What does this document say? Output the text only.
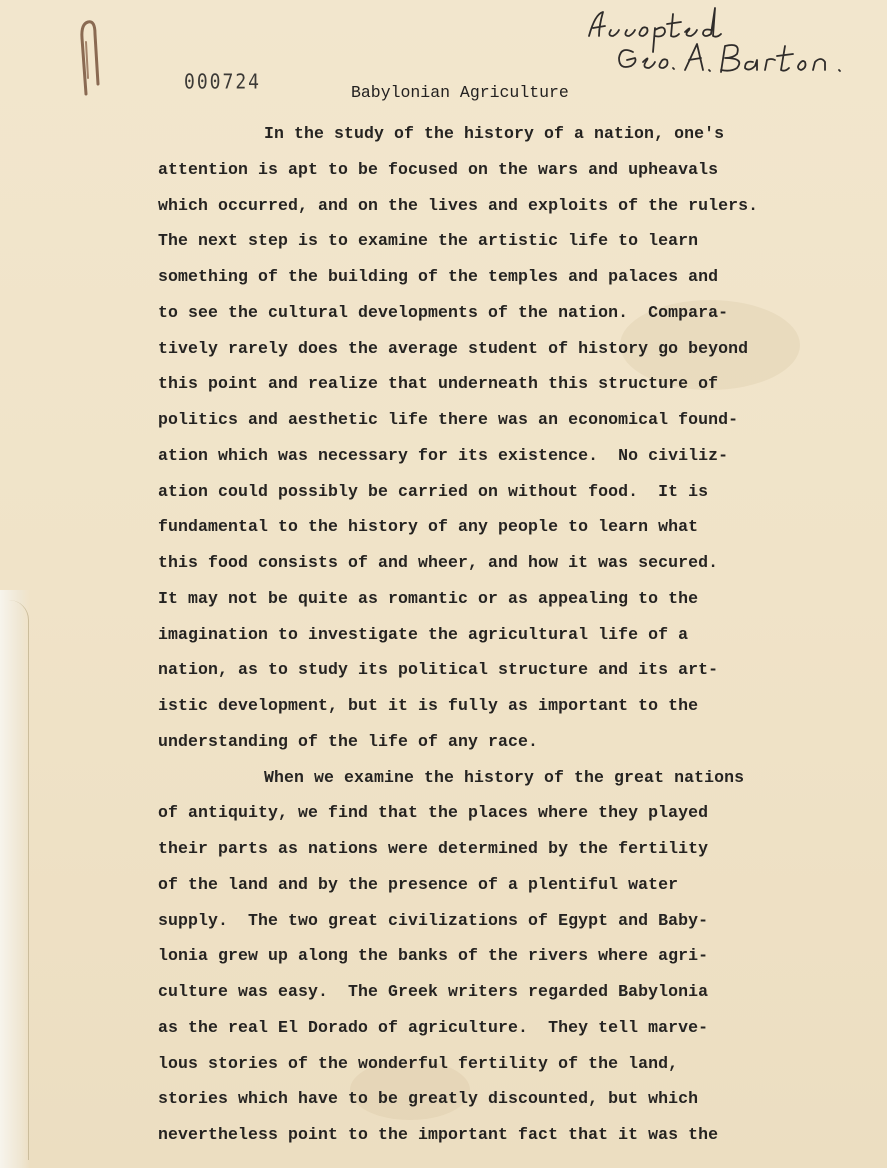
000724	Babylonian Agriculture
In the study of the history of a nation, one's
attention is apt to be focused on the wars and upheavals
which occurred, and on the lives and exploits of the rulers.
The next step is to examine the artistic life to learn
something of the building of the temples and palaces and
to see the cultural developments of the nation.  Compara-
tively rarely does the average student of history go beyond
this point and realize that underneath this structure of
politics and aesthetic life there was an economical found-
ation which was necessary for its existence.  No civiliz-
ation could possibly be carried on without food.  It is
fundamental to the history of any people to learn what
this food consists of and wheer, and how it was secured.
It may not be quite as romantic or as appealing to the
imagination to investigate the agricultural life of a
nation, as to study its political structure and its art-
istic development, but it is fully as important to the
understanding of the life of any race.
When we examine the history of the great nations
of antiquity, we find that the places where they played
their parts as nations were determined by the fertility
of the land and by the presence of a plentiful water
supply.  The two great civilizations of Egypt and Baby-
lonia grew up along the banks of the rivers where agri-
culture was easy.  The Greek writers regarded Babylonia
as the real El Dorado of agriculture.  They tell marve-
lous stories of the wonderful fertility of the land,
stories which have to be greatly discounted, but which
nevertheless point to the important fact that it was the
